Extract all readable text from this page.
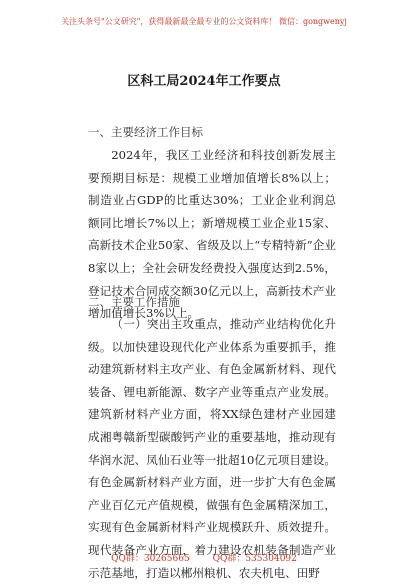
关注头条号"公文研究"，获得最新最全最专业的公文资料库！ 微信：gongwenyj
区科工局2024年工作要点
一、主要经济工作目标
2024年，我区工业经济和科技创新发展主要预期目标是：规模工业增加值增长8%以上；制造业占GDP的比重达30%；工业企业利润总额同比增长7%以上；新增规模工业企业15家、高新技术企业50家、省级及以上“专精特新”企业8家以上；全社会研发经费投入强度达到2.5%，登记技术合同成交额30亿元以上，高新技术产业增加值增长3%以上。
二、主要工作措施
（一）突出主攻重点，推动产业结构优化升级。以加快建设现代化产业体系为重要抓手，推动建筑新材料主攻产业、有色金属新材料、现代装备、锂电新能源、数字产业等重点产业发展。建筑新材料产业方面，将XX绿色建材产业园建成湘粤赣新型碳酸钙产业的重要基地，推动现有华润水泥、凤仙石业等一批超10亿元项目建设。有色金属新材料产业方面，进一步扩大有色金属产业百亿元产值规模，做强有色金属精深加工，实现有色金属新材料产业规模跃升、质效提升。现代装备产业方面，着力建设农机装备制造产业示范基地，打造以郴州粮机、农夫机电、田野
QQ群：30265665	QQ群：535304092
